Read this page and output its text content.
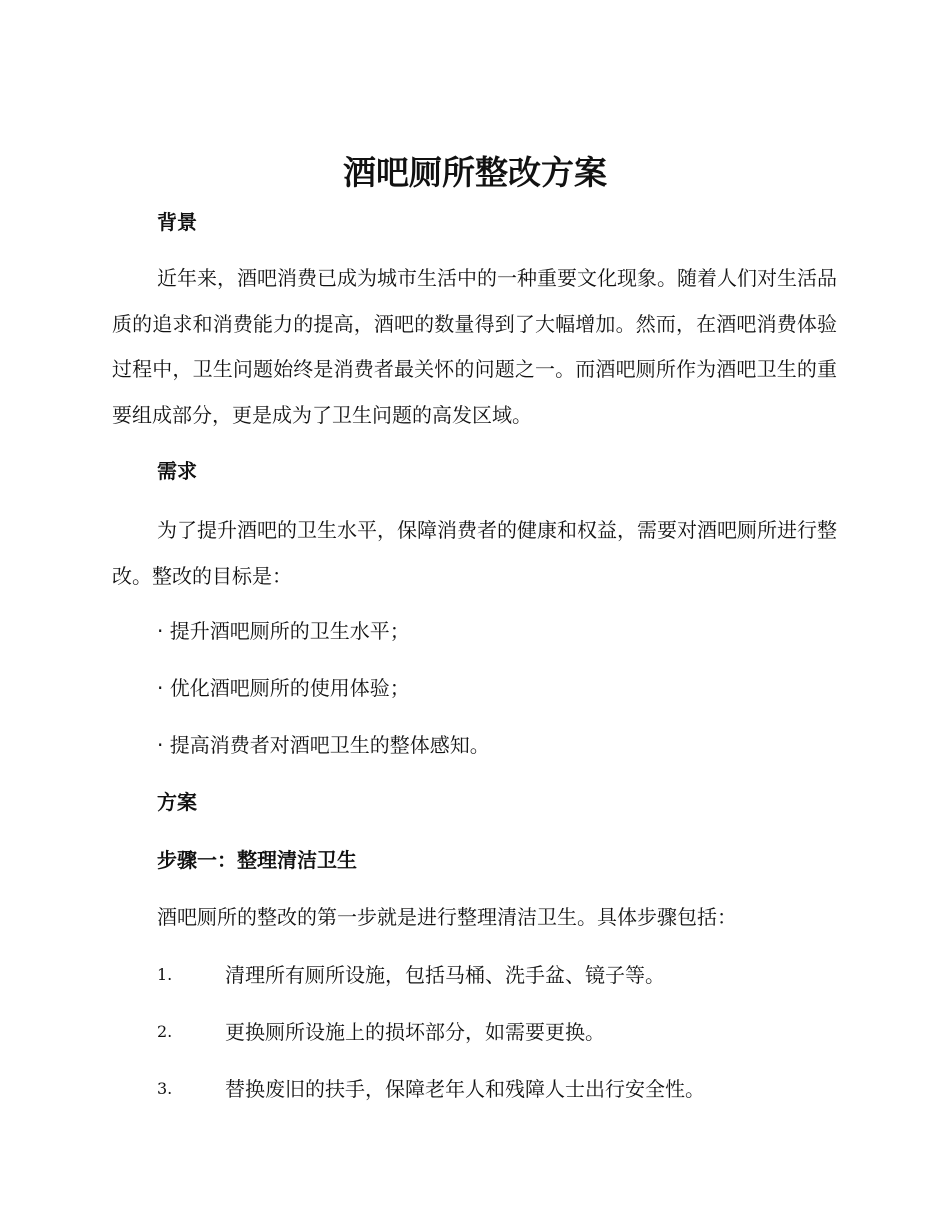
酒吧厕所整改方案
背景
近年来，酒吧消费已成为城市生活中的一种重要文化现象。随着人们对生活品质的追求和消费能力的提高，酒吧的数量得到了大幅增加。然而，在酒吧消费体验过程中，卫生问题始终是消费者最关怀的问题之一。而酒吧厕所作为酒吧卫生的重要组成部分，更是成为了卫生问题的高发区域。
需求
为了提升酒吧的卫生水平，保障消费者的健康和权益，需要对酒吧厕所进行整改。整改的目标是：
· 提升酒吧厕所的卫生水平；
· 优化酒吧厕所的使用体验；
· 提高消费者对酒吧卫生的整体感知。
方案
步骤一：整理清洁卫生
酒吧厕所的整改的第一步就是进行整理清洁卫生。具体步骤包括：
1.	清理所有厕所设施，包括马桶、洗手盆、镜子等。
2.	更换厕所设施上的损坏部分，如需要更换。
3.	替换废旧的扶手，保障老年人和残障人士出行安全性。
